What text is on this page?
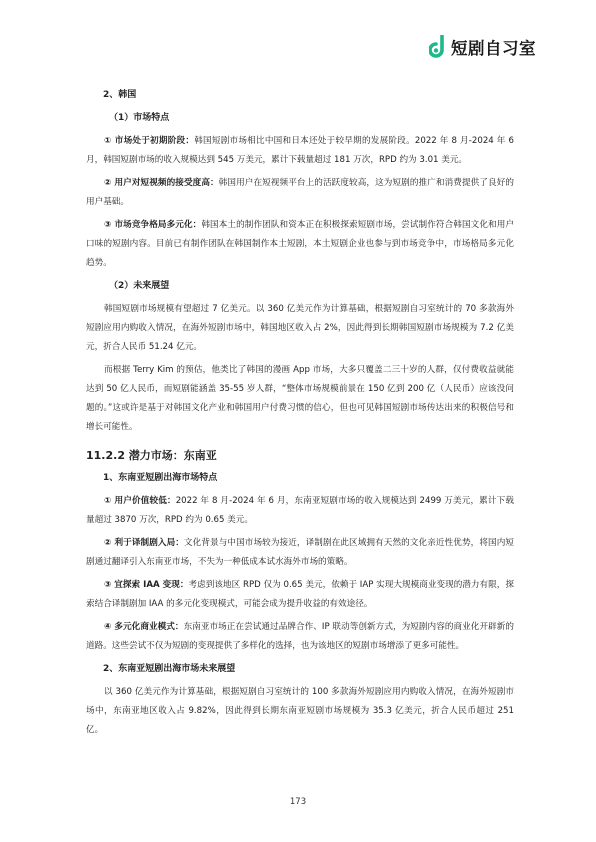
短剧自习室
2、韩国
（1）市场特点

① 市场处于初期阶段：韩国短剧市场相比中国和日本还处于较早期的发展阶段。2022 年 8 月-2024 年 6 月，韩国短剧市场的收入规模达到 545 万美元，累计下载量超过 181 万次，RPD 约为 3.01 美元。

② 用户对短视频的接受度高：韩国用户在短视频平台上的活跃度较高，这为短剧的推广和消费提供了良好的用户基础。

③ 市场竞争格局多元化：韩国本土的制作团队和资本正在积极探索短剧市场，尝试制作符合韩国文化和用户口味的短剧内容。目前已有制作团队在韩国制作本土短剧，本土短剧企业也参与到市场竞争中，市场格局多元化趋势。

（2）未来展望

韩国短剧市场规模有望超过 7 亿美元。以 360 亿美元作为计算基础，根据短剧自习室统计的 70 多款海外短剧应用内购收入情况，在海外短剧市场中，韩国地区收入占 2%，因此得到长期韩国短剧市场规模为 7.2 亿美元，折合人民币 51.24 亿元。

而根据 Terry Kim 的预估，他类比了韩国的漫画 App 市场，大多只覆盖二三十岁的人群，仅付费收益就能达到 50 亿人民币，而短剧能涵盖 35-55 岁人群，“整体市场规模前景在 150 亿到 200 亿（人民币）应该没问题的。”这或许是基于对韩国文化产业和韩国用户付费习惯的信心，但也可见韩国短剧市场传达出来的积极信号和增长可能性。

11.2.2 潜力市场：东南亚
1、东南亚短剧出海市场特点

① 用户价值较低：2022 年 8 月-2024 年 6 月，东南亚短剧市场的收入规模达到 2499 万美元，累计下载量超过 3870 万次，RPD 约为 0.65 美元。

② 利于译制剧入局：文化背景与中国市场较为接近，译制剧在此区域拥有天然的文化亲近性优势，将国内短剧通过翻译引入东南亚市场，不失为一种低成本试水海外市场的策略。

③ 宜探索 IAA 变现：考虑到该地区 RPD 仅为 0.65 美元，依赖于 IAP 实现大规模商业变现的潜力有限，探索结合译制剧加 IAA 的多元化变现模式，可能会成为提升收益的有效途径。

④ 多元化商业模式：东南亚市场正在尝试通过品牌合作、IP 联动等创新方式，为短剧内容的商业化开辟新的道路。这些尝试不仅为短剧的变现提供了多样化的选择，也为该地区的短剧市场增添了更多可能性。

2、东南亚短剧出海市场未来展望

以 360 亿美元作为计算基础，根据短剧自习室统计的 100 多款海外短剧应用内购收入情况，在海外短剧市场中，东南亚地区收入占 9.82%，因此得到长期东南亚短剧市场规模为 35.3 亿美元，折合人民币超过 251 亿。

173
